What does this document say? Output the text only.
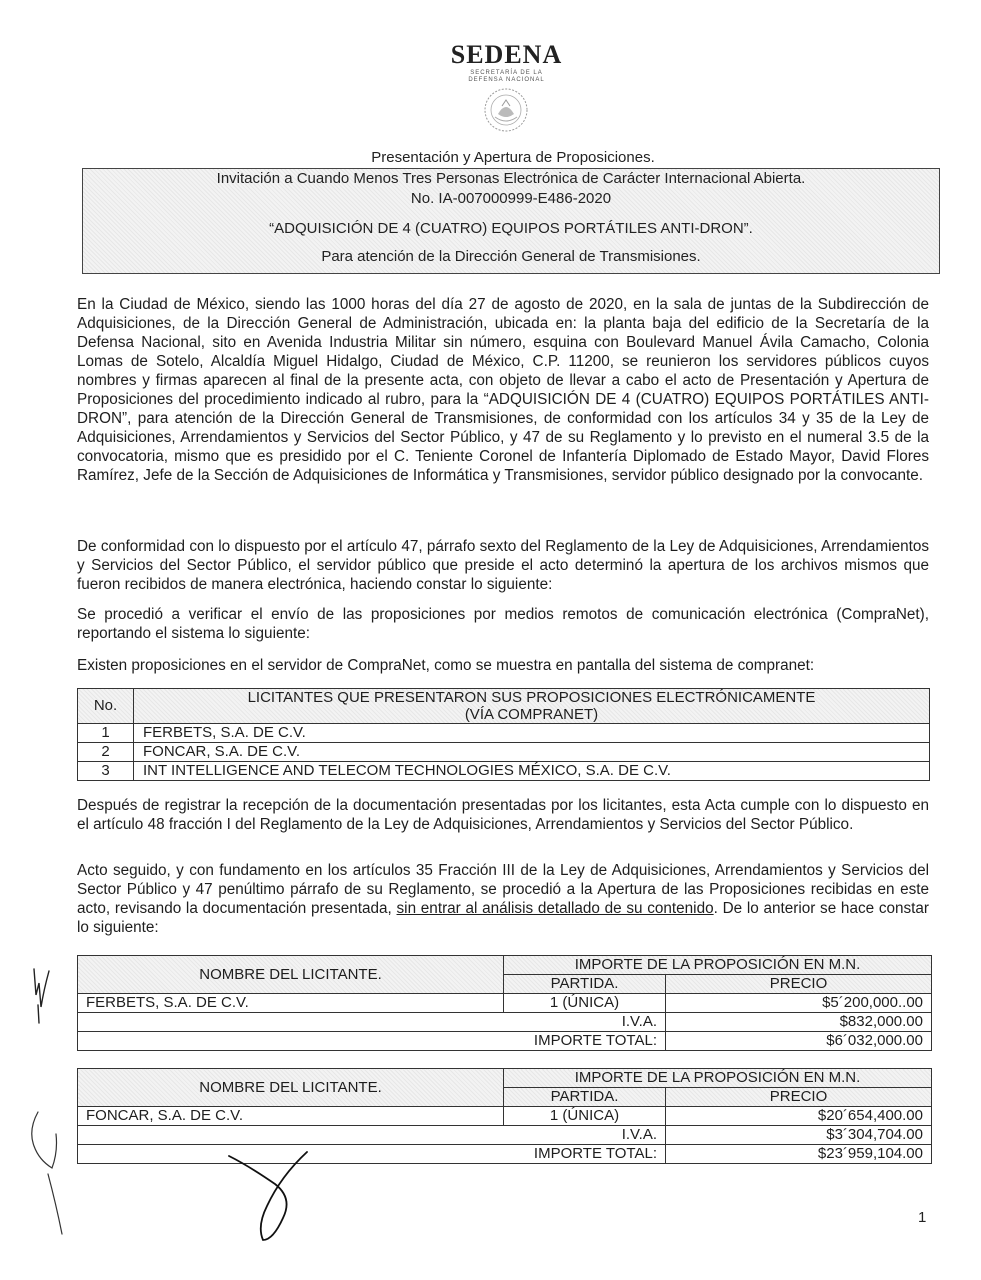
SEDENA
SECRETARÍA DE LA
DEFENSA NACIONAL
Presentación y Apertura de Proposiciones.
Invitación a Cuando Menos Tres Personas Electrónica de Carácter Internacional Abierta.
No. IA-007000999-E486-2020
“ADQUISICIÓN DE 4 (CUATRO) EQUIPOS PORTÁTILES ANTI-DRON”.
Para atención de la Dirección General de Transmisiones.
En la Ciudad de México, siendo las 1000 horas del día 27 de agosto de 2020, en la sala de juntas de la Subdirección de Adquisiciones, de la Dirección General de Administración, ubicada en: la planta baja del edificio de la Secretaría de la Defensa Nacional, sito en Avenida Industria Militar sin número, esquina con Boulevard Manuel Ávila Camacho, Colonia Lomas de Sotelo, Alcaldía Miguel Hidalgo, Ciudad de México, C.P. 11200, se reunieron los servidores públicos cuyos nombres y firmas aparecen al final de la presente acta, con objeto de llevar a cabo el acto de Presentación y Apertura de Proposiciones del procedimiento indicado al rubro, para la “ADQUISICIÓN DE 4 (CUATRO) EQUIPOS PORTÁTILES ANTI-DRON”, para atención de la Dirección General de Transmisiones, de conformidad con los artículos 34 y 35 de la Ley de Adquisiciones, Arrendamientos y Servicios del Sector Público, y 47 de su Reglamento y lo previsto en el numeral 3.5 de la convocatoria, mismo que es presidido por el C. Teniente Coronel de Infantería Diplomado de Estado Mayor, David Flores Ramírez, Jefe de la Sección de Adquisiciones de Informática y Transmisiones, servidor público designado por la convocante.
De conformidad con lo dispuesto por el artículo 47, párrafo sexto del Reglamento de la Ley de Adquisiciones, Arrendamientos y Servicios del Sector Público, el servidor público que preside el acto determinó la apertura de los archivos mismos que fueron recibidos de manera electrónica, haciendo constar lo siguiente:
Se procedió a verificar el envío de las proposiciones por medios remotos de comunicación electrónica (CompraNet), reportando el sistema lo siguiente:
Existen proposiciones en el servidor de CompraNet, como se muestra en pantalla del sistema de compranet:
No.	LICITANTES QUE PRESENTARON SUS PROPOSICIONES ELECTRÓNICAMENTE
(VÍA COMPRANET)

1	FERBETS, S.A. DE C.V.
2	FONCAR, S.A. DE C.V.
3	INT INTELLIGENCE AND TELECOM TECHNOLOGIES MÉXICO, S.A. DE C.V.
Después de registrar la recepción de la documentación presentadas por los licitantes, esta Acta cumple con lo dispuesto en el artículo 48 fracción I del Reglamento de la Ley de Adquisiciones, Arrendamientos y Servicios del Sector Público.
Acto seguido, y con fundamento en los artículos 35 Fracción III de la Ley de Adquisiciones, Arrendamientos y Servicios del Sector Público y 47 penúltimo párrafo de su Reglamento, se procedió a la Apertura de las Proposiciones recibidas en este acto, revisando la documentación presentada, sin entrar al análisis detallado de su contenido. De lo anterior se hace constar lo siguiente:
NOMBRE DEL LICITANTE.	IMPORTE DE LA PROPOSICIÓN EN M.N.	
	PARTIDA.	PRECIO
FERBETS, S.A. DE C.V.	1 (ÚNICA)	$5´200,000..00
I.V.A.		$832,000.00
IMPORTE TOTAL:		$6´032,000.00
NOMBRE DEL LICITANTE.	IMPORTE DE LA PROPOSICIÓN EN M.N.	
	PARTIDA.	PRECIO
FONCAR, S.A. DE C.V.	1 (ÚNICA)	$20´654,400.00
I.V.A.		$3´304,704.00
IMPORTE TOTAL:		$23´959,104.00
1
